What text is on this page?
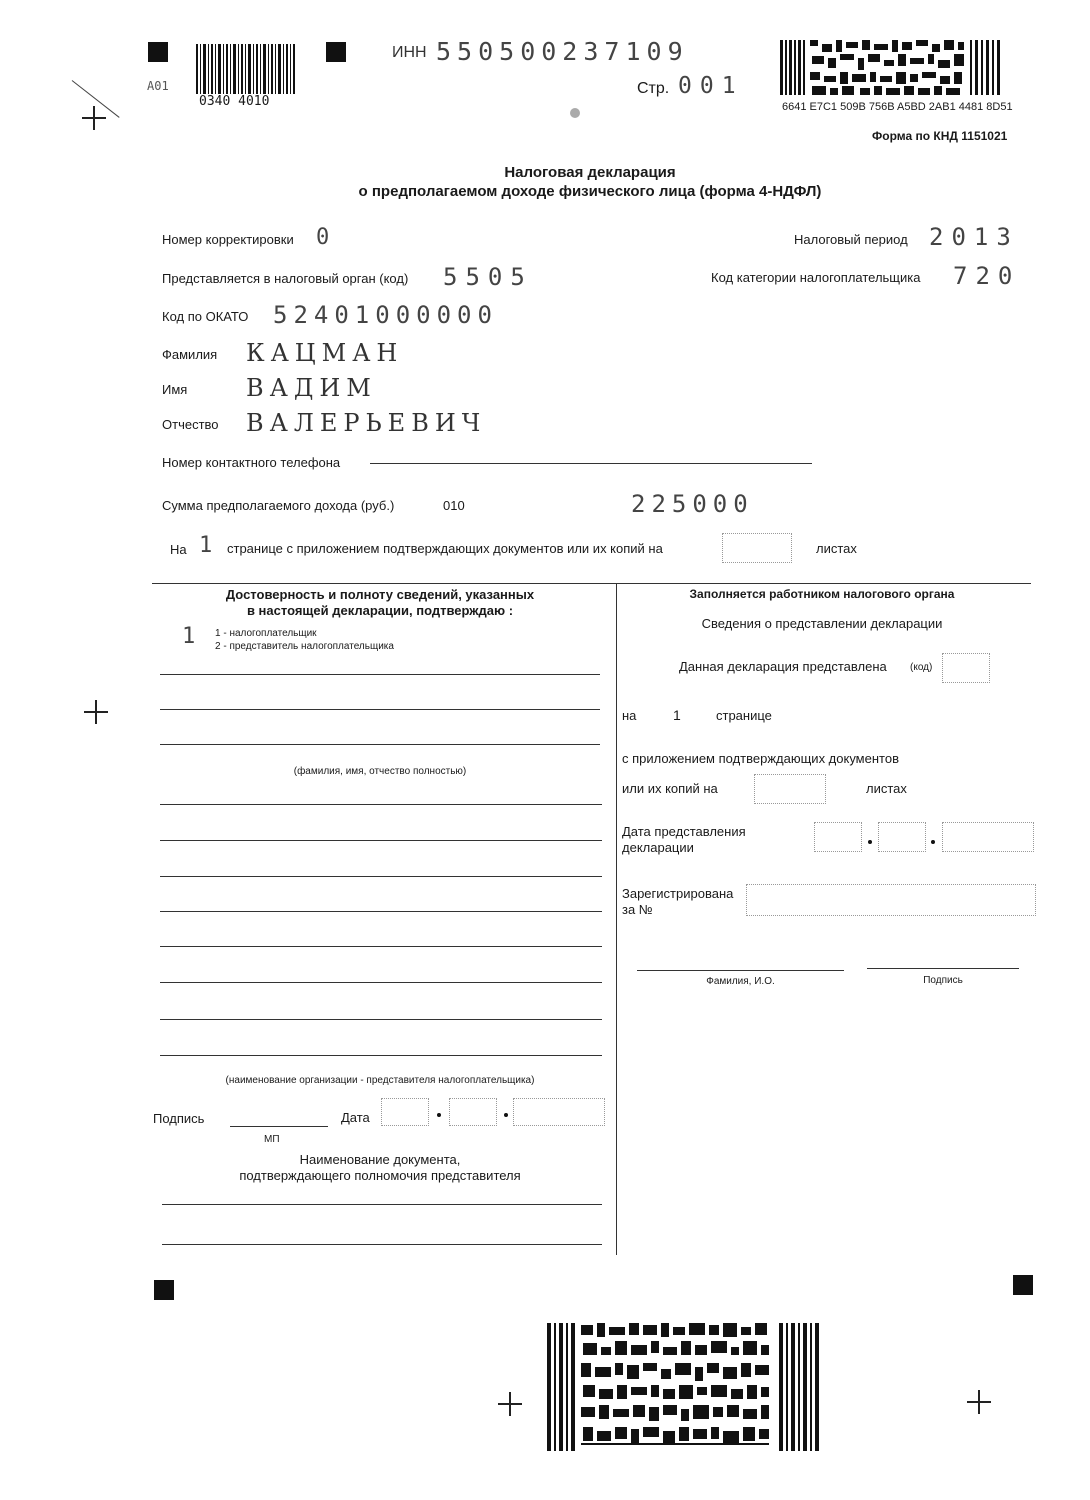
A01
0340 4010
ИНН 550500237109
Стр. 001
6641 E7C1 509B 756B A5BD 2AB1 4481 8D51
Форма по КНД 1151021
Налоговая декларация
о предполагаемом доходе физического лица (форма 4-НДФЛ)
Номер корректировки 0	Налоговый период 2013
Представляется в налоговый орган (код) 5505	Код категории налогоплательщика 720
Код по ОКАТО 52401000000
Фамилия КАЦМАН
Имя ВАДИМ
Отчество ВАЛЕРЬЕВИЧ
Номер контактного телефона
Сумма предполагаемого дохода (руб.)	010	225000
На 1 странице с приложением подтверждающих документов или их копий на	листах
Достоверность и полноту сведений, указанных
в настоящей декларации, подтверждаю :
1 1 - налогоплательщик
2 - представитель налогоплательщика
(фамилия, имя, отчество полностью)
(наименование организации - представителя налогоплательщика)
Подпись	Дата
МП
Наименование документа,
подтверждающего полномочия представителя
Заполняется работником налогового органа
Сведения о представлении декларации
Данная декларация представлена (код)
на	1	странице
с приложением подтверждающих документов
или их копий на	листах
Дата представления
декларации
Зарегистрирована
за №
Фамилия, И.О.	Подпись
